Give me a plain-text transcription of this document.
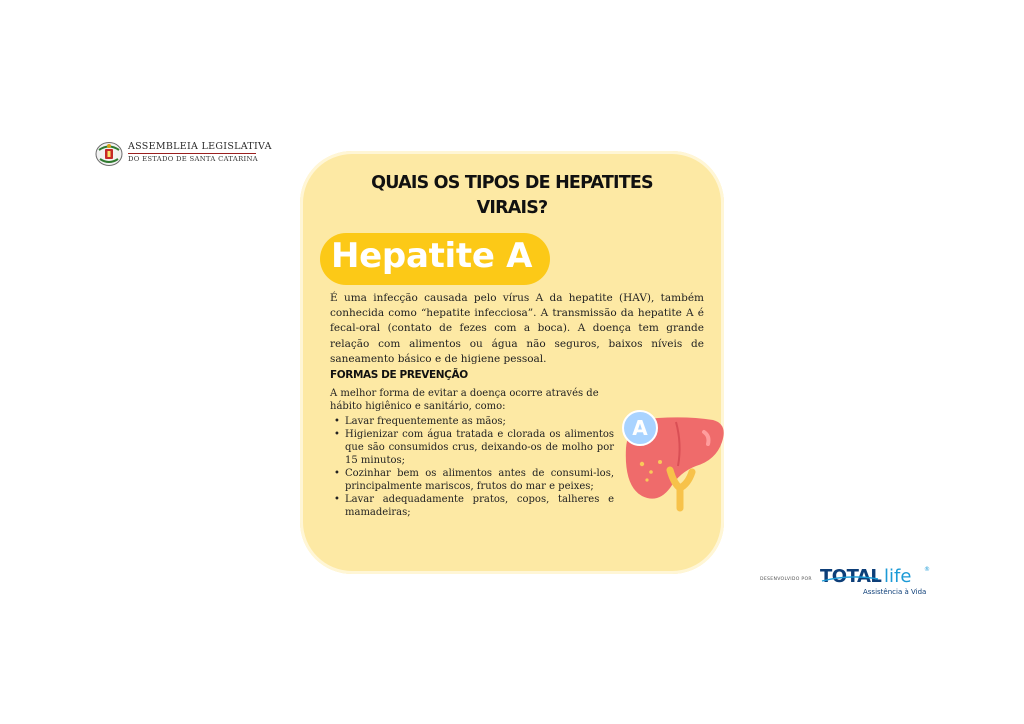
ASSEMBLEIA LEGISLATIVA
DO ESTADO DE SANTA CATARINA
QUAIS OS TIPOS DE HEPATITES
VIRAIS?
Hepatite A

É uma infecção causada pelo vírus A da hepatite (HAV), também conhecida como “hepatite infecciosa”. A transmissão da hepatite A é fecal-oral (contato de fezes com a boca). A doença tem grande relação com alimentos ou água não seguros, baixos níveis de saneamento básico e de higiene pessoal.

FORMAS DE PREVENÇÃO
A melhor forma de evitar a doença ocorre através de hábito higiênico e sanitário, como:
• Lavar frequentemente as mãos;
• Higienizar com água tratada e clorada os alimentos que são consumidos crus, deixando-os de molho por 15 minutos;
• Cozinhar bem os alimentos antes de consumi-los, principalmente mariscos, frutos do mar e peixes;
• Lavar adequadamente pratos, copos, talheres e mamadeiras;
A
DESENVOLVIDO POR TOTAL life ®
Assistência à Vida
